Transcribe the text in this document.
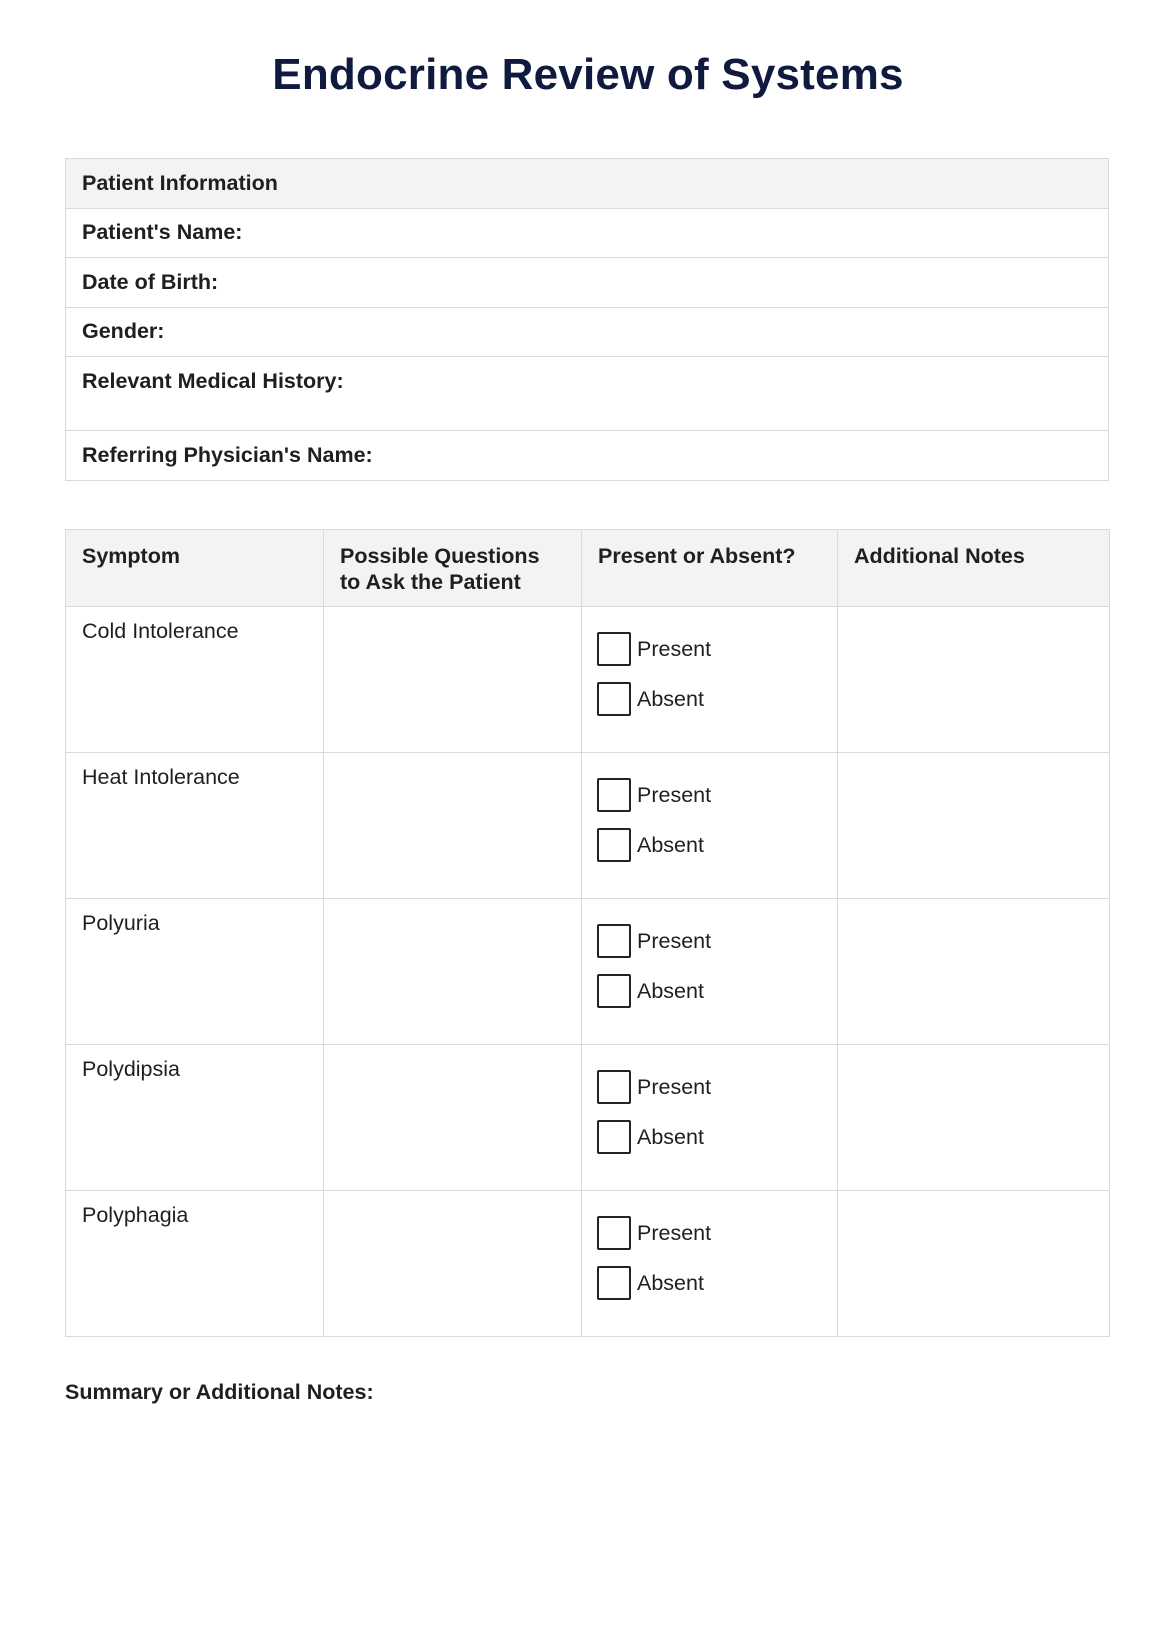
Endocrine Review of Systems
Patient Information
Patient's Name:
Date of Birth:
Gender:
Relevant Medical History:
Referring Physician's Name:
Symptom	Possible Questions to Ask the Patient	Present or Absent?	Additional Notes
Cold Intolerance		Present
Absent	

Heat Intolerance		Present
Absent	

Polyuria		Present
Absent	

Polydipsia		Present
Absent	

Polyphagia		Present
Absent	

Summary or Additional Notes:
